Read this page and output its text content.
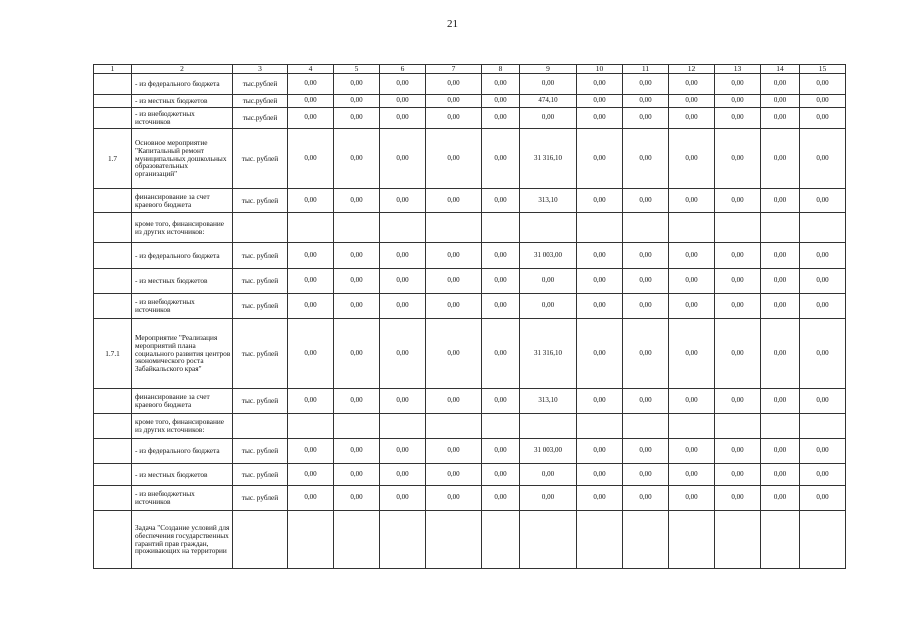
21
1	2	3	4	5	6	7	8	9	10	11	12	13	14	15
	- из федерального бюджета	тыс.рублей	0,00	0,00	0,00	0,00	0,00	0,00	0,00	0,00	0,00	0,00	0,00	0,00
	- из местных бюджетов	тыс.рублей	0,00	0,00	0,00	0,00	0,00	474,10	0,00	0,00	0,00	0,00	0,00	0,00
	- из внебюджетных источников	тыс.рублей	0,00	0,00	0,00	0,00	0,00	0,00	0,00	0,00	0,00	0,00	0,00	0,00
1.7	Основное мероприятие "Капитальный ремонт муниципальных дошкольных образовательных организаций"	тыс. рублей	0,00	0,00	0,00	0,00	0,00	31 316,10	0,00	0,00	0,00	0,00	0,00	0,00
	финансирование за счет краевого бюджета	тыс. рублей	0,00	0,00	0,00	0,00	0,00	313,10	0,00	0,00	0,00	0,00	0,00	0,00
	кроме того, финансирование из других источников:													
	- из федерального бюджета	тыс. рублей	0,00	0,00	0,00	0,00	0,00	31 003,00	0,00	0,00	0,00	0,00	0,00	0,00
	- из местных бюджетов	тыс. рублей	0,00	0,00	0,00	0,00	0,00	0,00	0,00	0,00	0,00	0,00	0,00	0,00
	- из внебюджетных источников	тыс. рублей	0,00	0,00	0,00	0,00	0,00	0,00	0,00	0,00	0,00	0,00	0,00	0,00
1.7.1	Мероприятие "Реализация мероприятий плана социального развития центров экономического роста Забайкальского края"	тыс. рублей	0,00	0,00	0,00	0,00	0,00	31 316,10	0,00	0,00	0,00	0,00	0,00	0,00
	финансирование за счет краевого бюджета	тыс. рублей	0,00	0,00	0,00	0,00	0,00	313,10	0,00	0,00	0,00	0,00	0,00	0,00
	кроме того, финансирование из других источников:													
	- из федерального бюджета	тыс. рублей	0,00	0,00	0,00	0,00	0,00	31 003,00	0,00	0,00	0,00	0,00	0,00	0,00
	- из местных бюджетов	тыс. рублей	0,00	0,00	0,00	0,00	0,00	0,00	0,00	0,00	0,00	0,00	0,00	0,00
	- из внебюджетных источников	тыс. рублей	0,00	0,00	0,00	0,00	0,00	0,00	0,00	0,00	0,00	0,00	0,00	0,00
	Задача "Создание условий для обеспечения государственных гарантий прав граждан, проживающих на территории													
